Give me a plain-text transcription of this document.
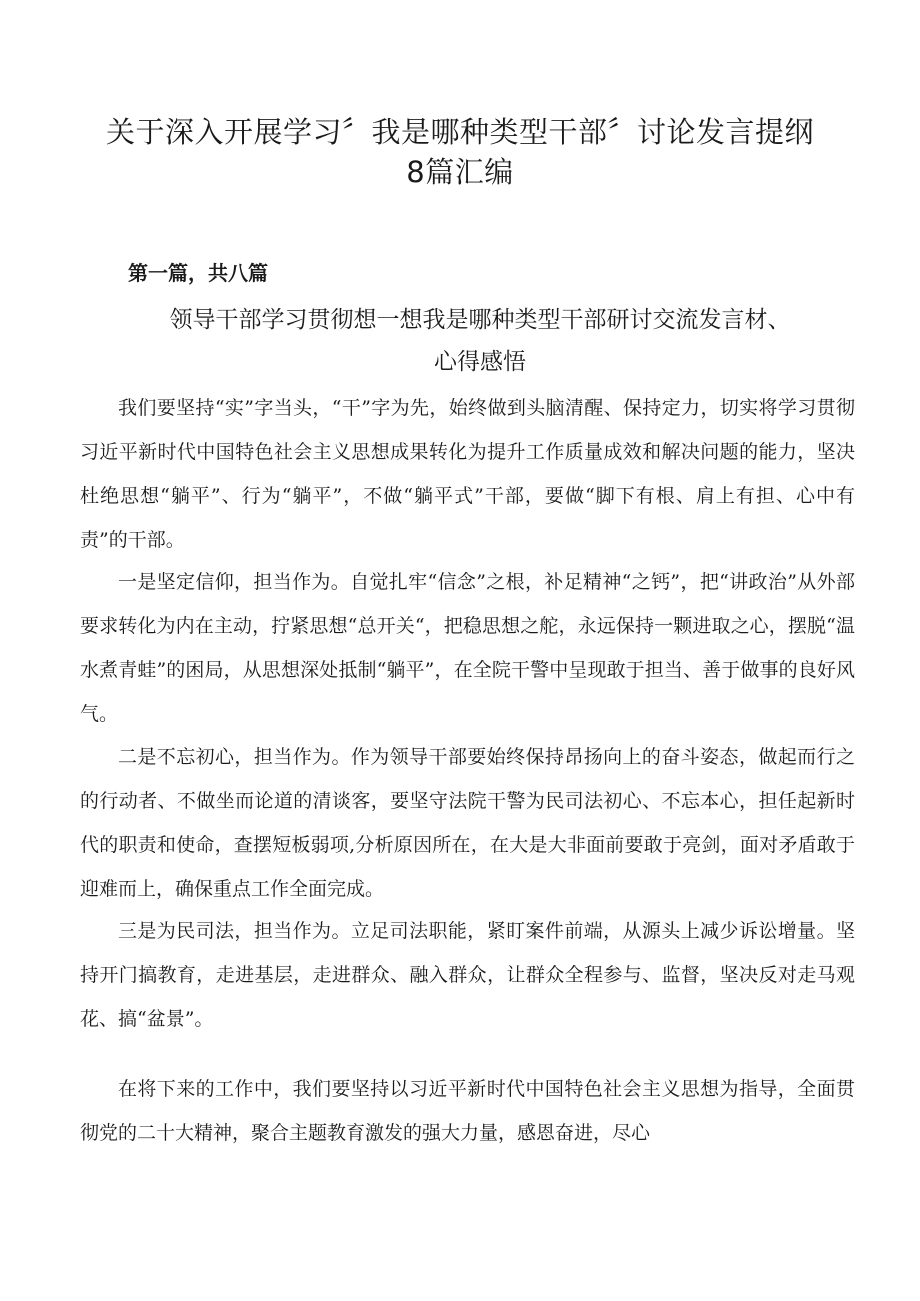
关于深入开展学习〞我是哪种类型干部〞讨论发言提纲
8篇汇编

第一篇，共八篇

领导干部学习贯彻想一想我是哪种类型干部研讨交流发言材、
心得感悟

我们要坚持“实”字当头，“干”字为先，始终做到头脑清醒、保持定力，切实将学习贯彻习近平新时代中国特色社会主义思想成果转化为提升工作质量成效和解决问题的能力，坚决杜绝思想“躺平”、行为“躺平”，不做“躺平式”干部，要做“脚下有根、肩上有担、心中有责”的干部。

一是坚定信仰，担当作为。自觉扎牢“信念”之根，补足精神“之钙”，把“讲政治”从外部要求转化为内在主动，拧紧思想“总开关“，把稳思想之舵，永远保持一颗进取之心，摆脱“温水煮青蛙”的困局，从思想深处抵制“躺平”，在全院干警中呈现敢于担当、善于做事的良好风气。

二是不忘初心，担当作为。作为领导干部要始终保持昂扬向上的奋斗姿态，做起而行之的行动者、不做坐而论道的清谈客，要坚守法院干警为民司法初心、不忘本心，担任起新时代的职责和使命，查摆短板弱项,分析原因所在，在大是大非面前要敢于亮剑，面对矛盾敢于迎难而上，确保重点工作全面完成。

三是为民司法，担当作为。立足司法职能，紧盯案件前端，从源头上减少诉讼增量。坚持开门搞教育，走进基层，走进群众、融入群众，让群众全程参与、监督，坚决反对走马观花、搞“盆景”。

在将下来的工作中，我们要坚持以习近平新时代中国特色社会主义思想为指导，全面贯彻党的二十大精神，聚合主题教育激发的强大力量，感恩奋进，尽心
